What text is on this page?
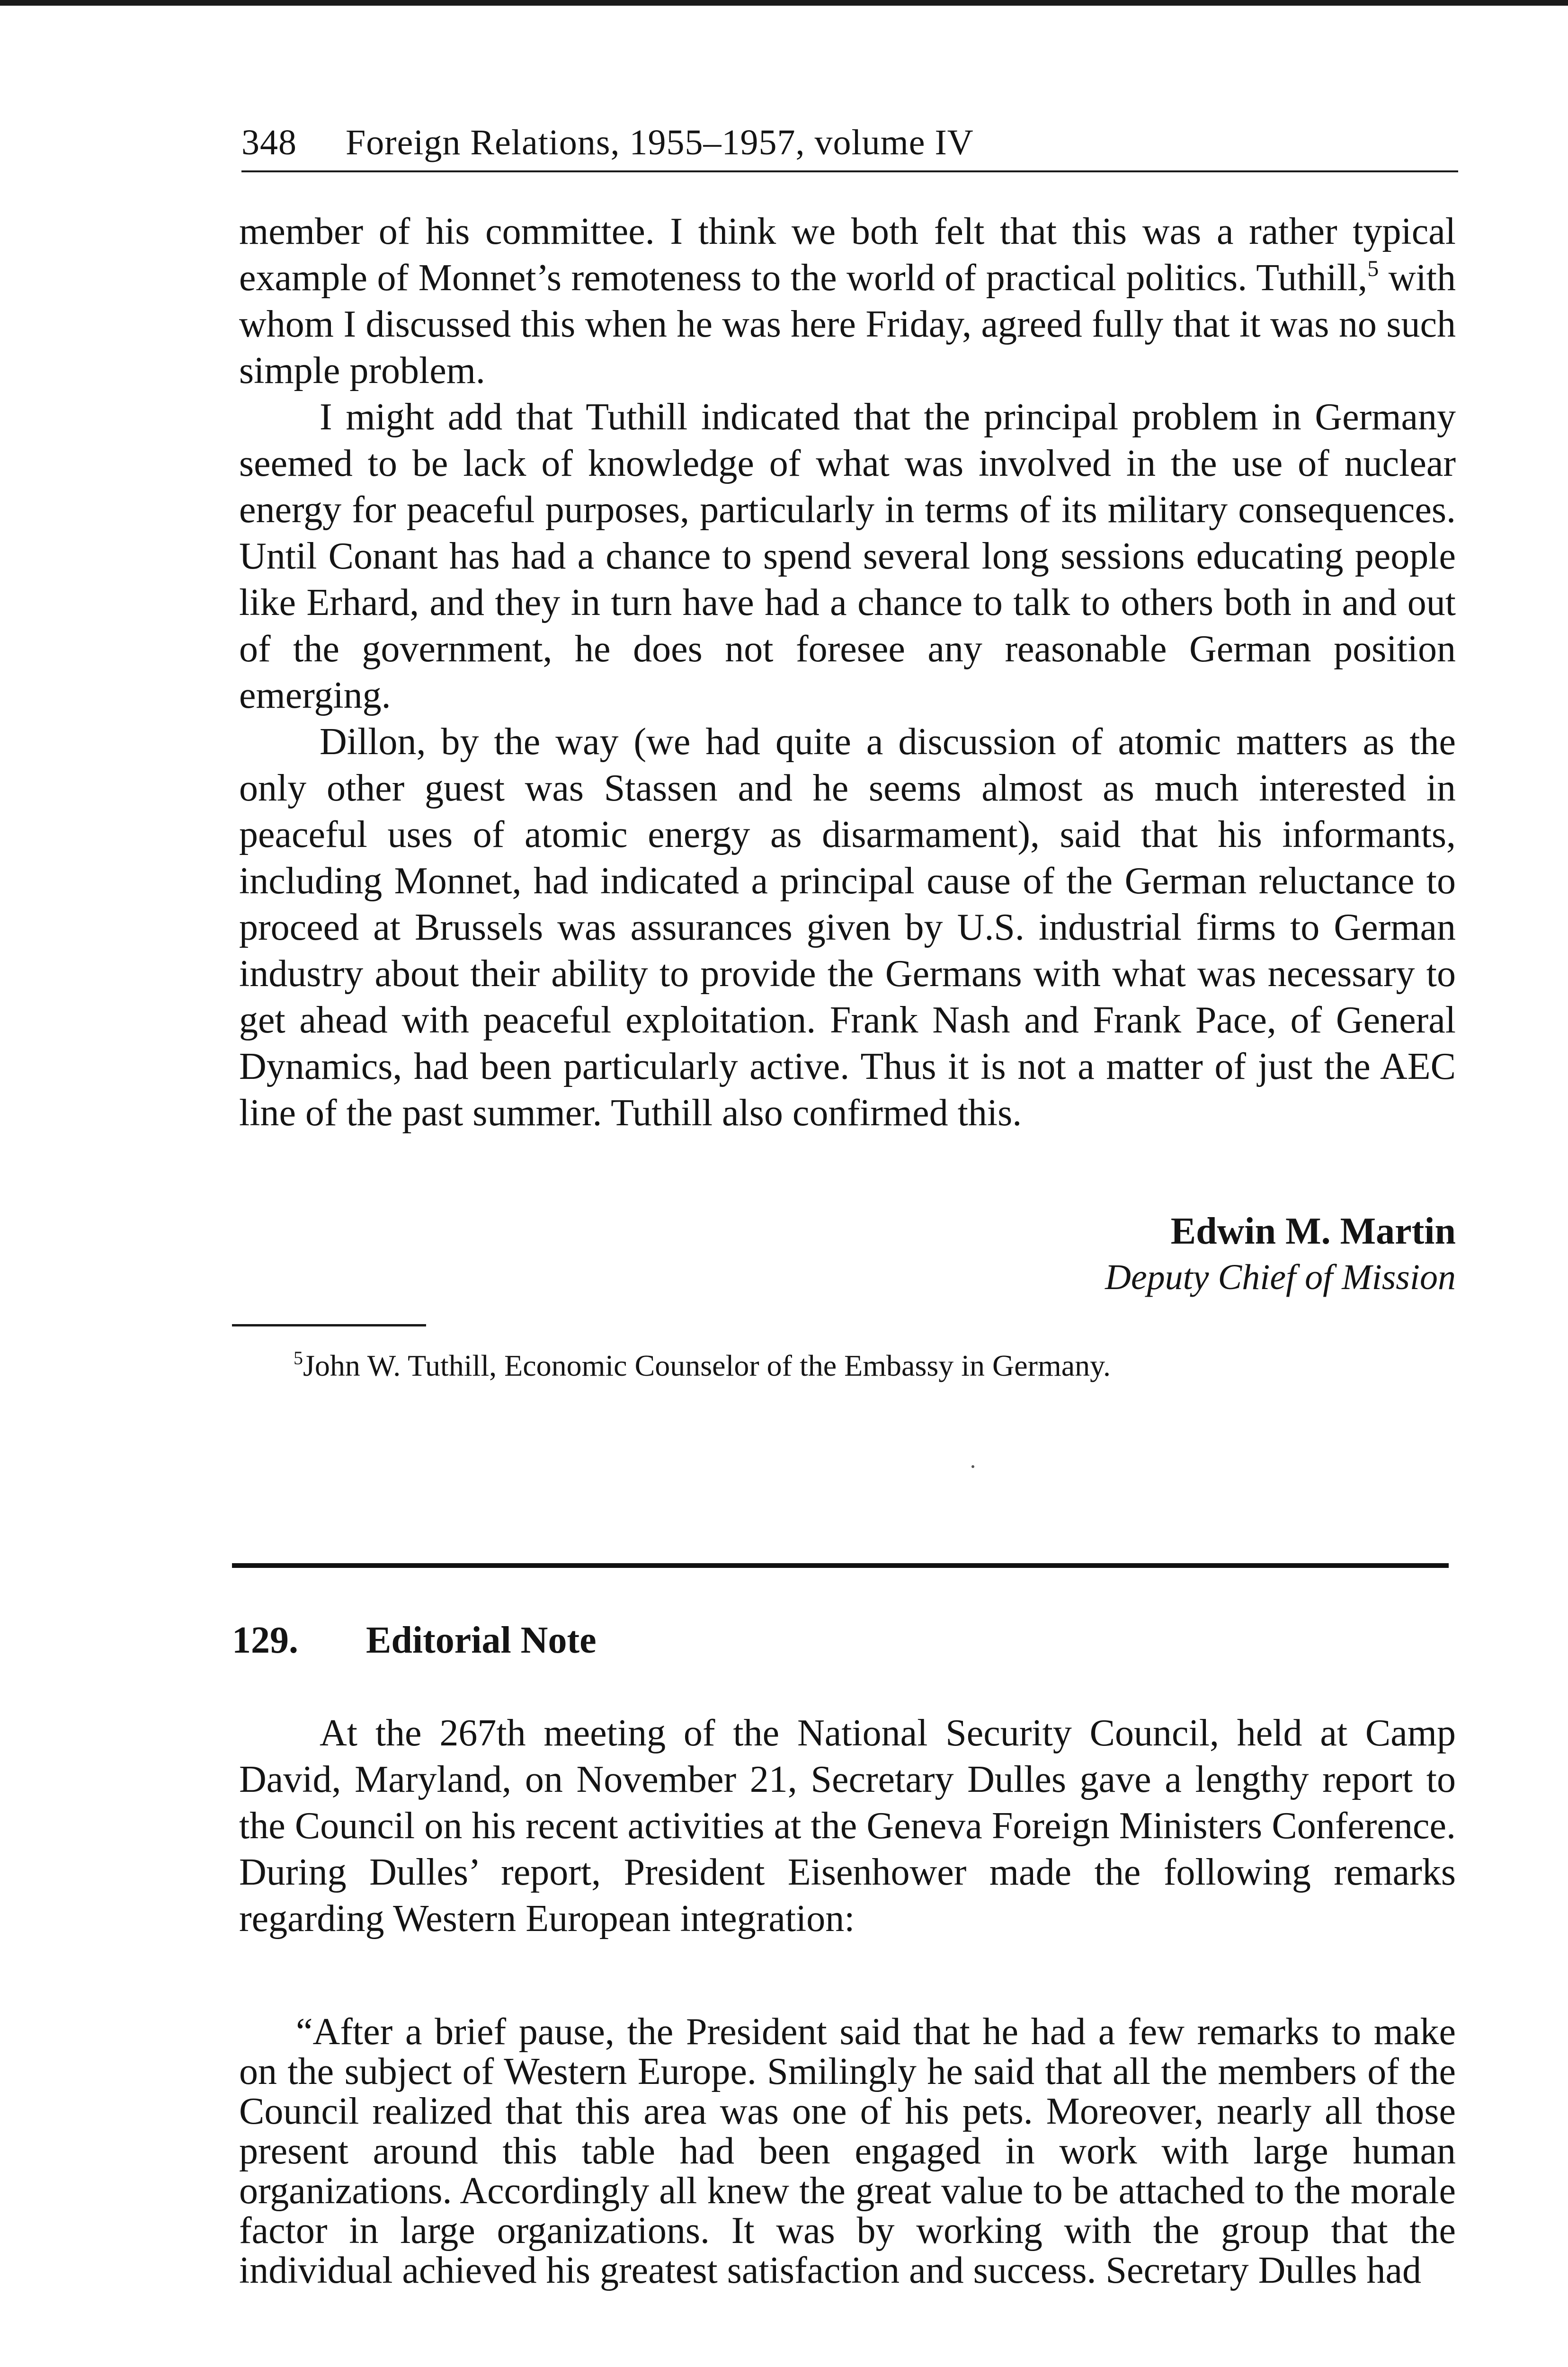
348 Foreign Relations, 1955–1957, volume IV

member of his committee. I think we both felt that this was a rather typical example of Monnet’s remoteness to the world of practical politics. Tuthill,$^5$ with whom I discussed this when he was here Friday, agreed fully that it was no such simple problem.

I might add that Tuthill indicated that the principal problem in Germany seemed to be lack of knowledge of what was involved in the use of nuclear energy for peaceful purposes, particularly in terms of its military consequences. Until Conant has had a chance to spend several long sessions educating people like Erhard, and they in turn have had a chance to talk to others both in and out of the government, he does not foresee any reasonable German position emerging.

Dillon, by the way (we had quite a discussion of atomic matters as the only other guest was Stassen and he seems almost as much interested in peaceful uses of atomic energy as disarmament), said that his informants, including Monnet, had indicated a principal cause of the German reluctance to proceed at Brussels was assurances given by U.S. industrial firms to German industry about their ability to provide the Germans with what was necessary to get ahead with peaceful exploitation. Frank Nash and Frank Pace, of General Dynamics, had been particularly active. Thus it is not a matter of just the AEC line of the past summer. Tuthill also confirmed this.

Edwin M. Martin
Deputy Chief of Mission
$^5$John W. Tuthill, Economic Counselor of the Embassy in Germany.
129. Editorial Note

At the 267th meeting of the National Security Council, held at Camp David, Maryland, on November 21, Secretary Dulles gave a lengthy report to the Council on his recent activities at the Geneva Foreign Ministers Conference. During Dulles’ report, President Eisenhower made the following remarks regarding Western European integration:

“After a brief pause, the President said that he had a few remarks to make on the subject of Western Europe. Smilingly he said that all the members of the Council realized that this area was one of his pets. Moreover, nearly all those present around this table had been engaged in work with large human organizations. Accordingly all knew the great value to be attached to the morale factor in large organizations. It was by working with the group that the individual achieved his greatest satisfaction and success. Secretary Dulles had
